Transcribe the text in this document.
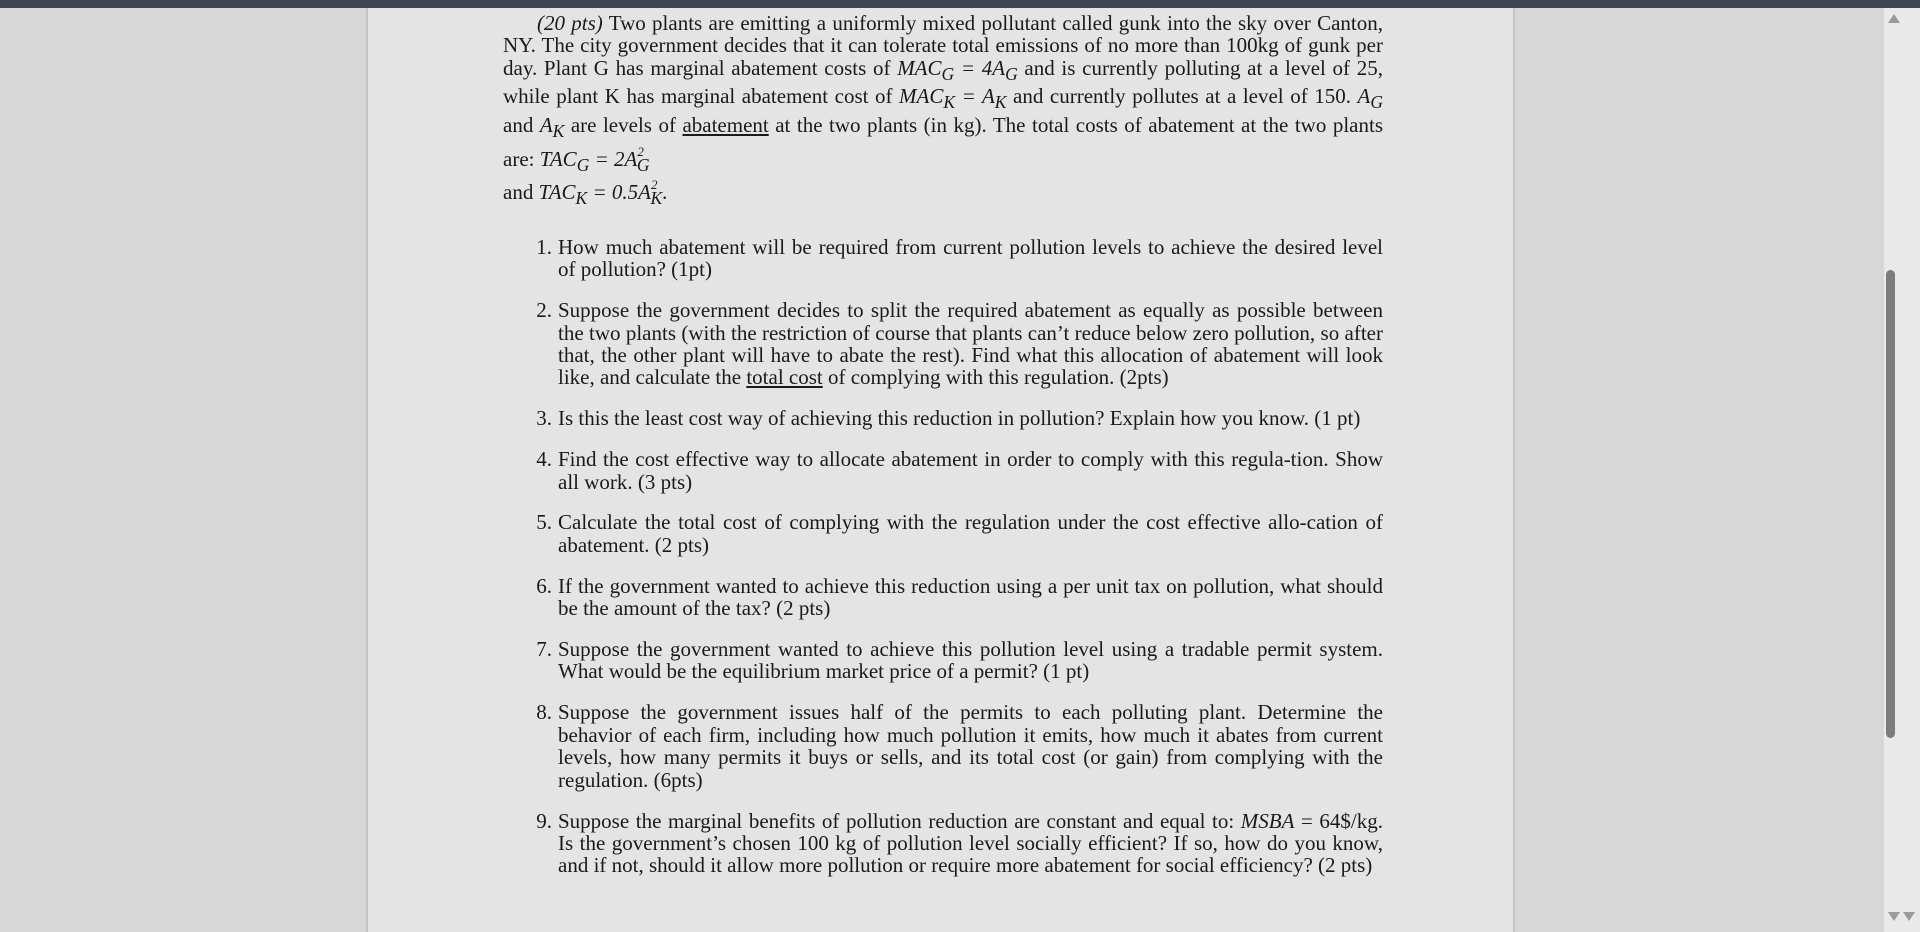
(20 pts) Two plants are emitting a uniformly mixed pollutant called gunk into the sky over Canton, NY. The city government decides that it can tolerate total emissions of no more than 100kg of gunk per day. Plant G has marginal abatement costs of $MAC_G = 4A_G$ and is currently polluting at a level of 25, while plant K has marginal abatement cost of $MAC_K = A_K$ and currently pollutes at a level of 150. $A_G$ and $A_K$ are levels of abatement at the two plants (in kg). The total costs of abatement at the two plants are: $TAC_G = 2A^2_G$
and $TAC_K = 0.5A^2_K$.

1. How much abatement will be required from current pollution levels to achieve the desired level of pollution? (1pt)
2. Suppose the government decides to split the required abatement as equally as possible between the two plants (with the restriction of course that plants can’t reduce below zero pollution, so after that, the other plant will have to abate the rest). Find what this allocation of abatement will look like, and calculate the total cost of complying with this regulation. (2pts)
3. Is this the least cost way of achieving this reduction in pollution? Explain how you know. (1 pt)
4. Find the cost effective way to allocate abatement in order to comply with this regula-tion. Show all work. (3 pts)
5. Calculate the total cost of complying with the regulation under the cost effective allo-cation of abatement. (2 pts)
6. If the government wanted to achieve this reduction using a per unit tax on pollution, what should be the amount of the tax? (2 pts)
7. Suppose the government wanted to achieve this pollution level using a tradable permit system. What would be the equilibrium market price of a permit? (1 pt)
8. Suppose the government issues half of the permits to each polluting plant. Determine the behavior of each firm, including how much pollution it emits, how much it abates from current levels, how many permits it buys or sells, and its total cost (or gain) from complying with the regulation. (6pts)
9. Suppose the marginal benefits of pollution reduction are constant and equal to: MSBA = 64$/kg. Is the government’s chosen 100 kg of pollution level socially efficient? If so, how do you know, and if not, should it allow more pollution or require more abatement for social efficiency? (2 pts)
